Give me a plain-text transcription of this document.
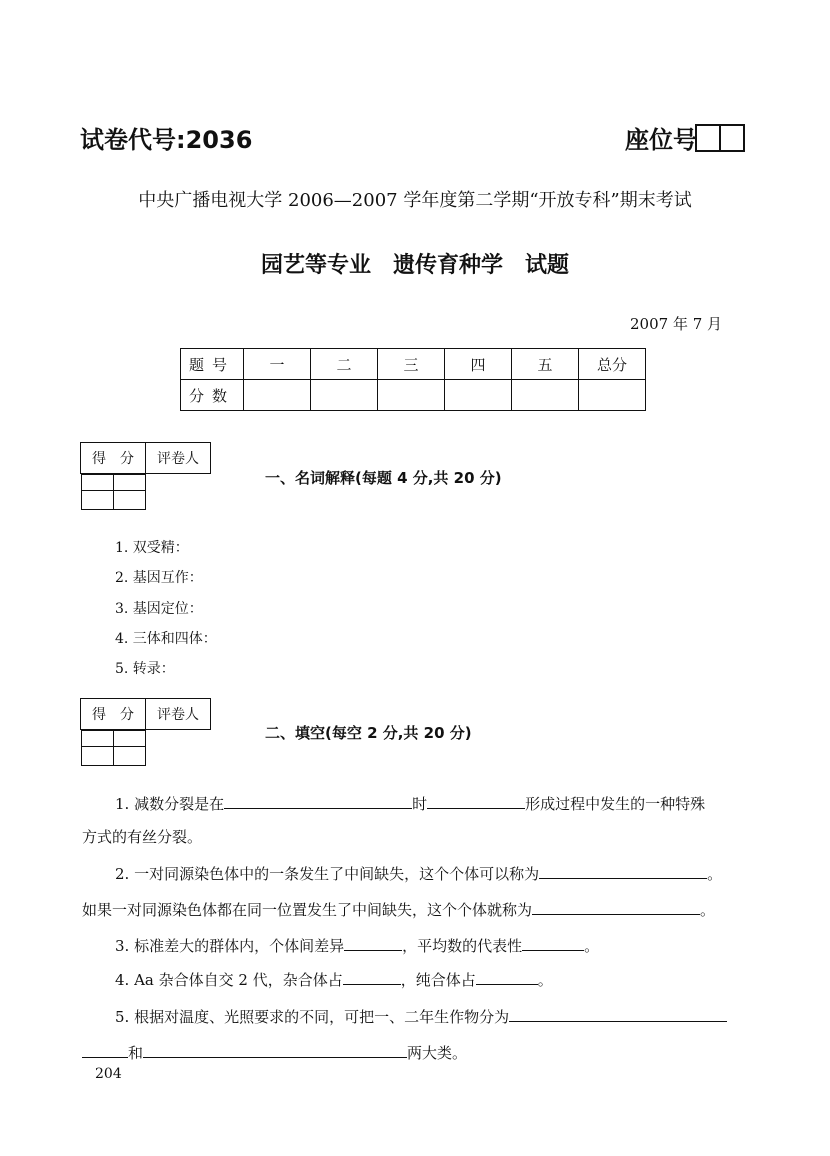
试卷代号:2036	座位号
中央广播电视大学 2006—2007 学年度第二学期“开放专科”期末考试
园艺等专业　遗传育种学　试题
2007 年 7 月
题号	一	二	三	四	五	总分
分数						
得　分	评卷人

一、名词解释(每题 4 分,共 20 分)
1. 双受精：
2. 基因互作：
3. 基因定位：
4. 三体和四体：
5. 转录：
得　分	评卷人

二、填空(每空 2 分,共 20 分)
1. 减数分裂是在	时	形成过程中发生的一种特殊
方式的有丝分裂。
2. 一对同源染色体中的一条发生了中间缺失，这个个体可以称为	。
如果一对同源染色体都在同一位置发生了中间缺失，这个个体就称为	。
3. 标准差大的群体内，个体间差异	，平均数的代表性	。
4. Aa 杂合体自交 2 代，杂合体占	，纯合体占	。
5. 根据对温度、光照要求的不同，可把一、二年生作物分为
和	两大类。
204
